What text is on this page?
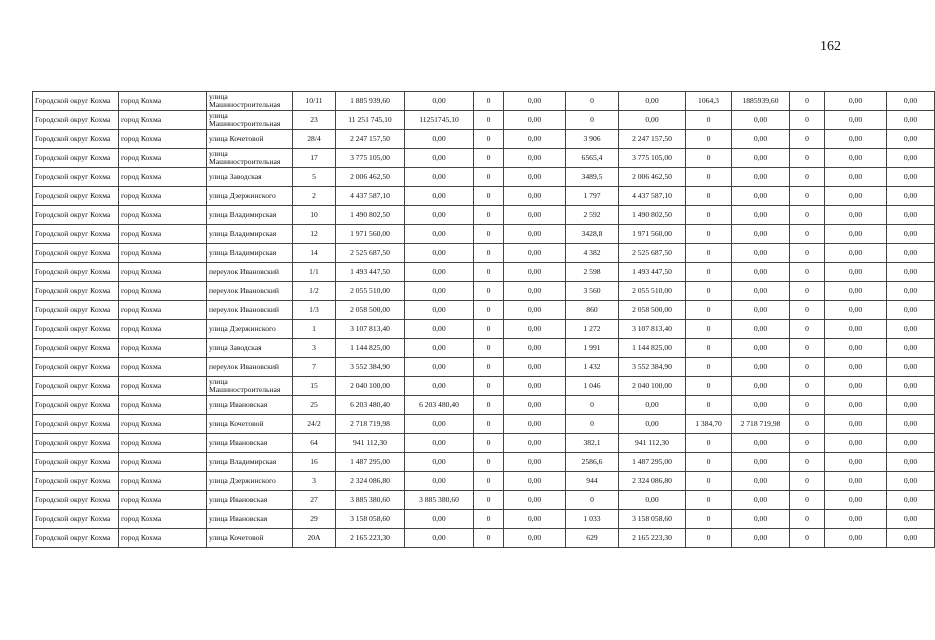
162
Городской округ Кохма	город Кохма	улица Машиностроительная	10/11	1 885 939,60	0,00	0	0,00	0	0,00	1064,3	1885939,60	0	0,00	0,00
Городской округ Кохма	город Кохма	улица Машиностроительная	23	11 251 745,10	11251745,10	0	0,00	0	0,00	0	0,00	0	0,00	0,00
Городской округ Кохма	город Кохма	улица Кочетовой	28/4	2 247 157,50	0,00	0	0,00	3 906	2 247 157,50	0	0,00	0	0,00	0,00
Городской округ Кохма	город Кохма	улица Машиностроительная	17	3 775 105,00	0,00	0	0,00	6565,4	3 775 105,00	0	0,00	0	0,00	0,00
Городской округ Кохма	город Кохма	улица Заводская	5	2 006 462,50	0,00	0	0,00	3489,5	2 006 462,50	0	0,00	0	0,00	0,00
Городской округ Кохма	город Кохма	улица Дзержинского	2	4 437 587,10	0,00	0	0,00	1 797	4 437 587,10	0	0,00	0	0,00	0,00
Городской округ Кохма	город Кохма	улица Владимирская	10	1 490 802,50	0,00	0	0,00	2 592	1 490 802,50	0	0,00	0	0,00	0,00
Городской округ Кохма	город Кохма	улица Владимирская	12	1 971 560,00	0,00	0	0,00	3428,8	1 971 560,00	0	0,00	0	0,00	0,00
Городской округ Кохма	город Кохма	улица Владимирская	14	2 525 687,50	0,00	0	0,00	4 382	2 525 687,50	0	0,00	0	0,00	0,00
Городской округ Кохма	город Кохма	переулок Ивановский	1/1	1 493 447,50	0,00	0	0,00	2 598	1 493 447,50	0	0,00	0	0,00	0,00
Городской округ Кохма	город Кохма	переулок Ивановский	1/2	2 055 510,00	0,00	0	0,00	3 560	2 055 510,00	0	0,00	0	0,00	0,00
Городской округ Кохма	город Кохма	переулок Ивановский	1/3	2 058 500,00	0,00	0	0,00	860	2 058 500,00	0	0,00	0	0,00	0,00
Городской округ Кохма	город Кохма	улица Дзержинского	1	3 107 813,40	0,00	0	0,00	1 272	3 107 813,40	0	0,00	0	0,00	0,00
Городской округ Кохма	город Кохма	улица Заводская	3	1 144 825,00	0,00	0	0,00	1 991	1 144 825,00	0	0,00	0	0,00	0,00
Городской округ Кохма	город Кохма	переулок Ивановский	7	3 552 384,90	0,00	0	0,00	1 432	3 552 384,90	0	0,00	0	0,00	0,00
Городской округ Кохма	город Кохма	улица Машиностроительная	15	2 040 100,00	0,00	0	0,00	1 046	2 040 100,00	0	0,00	0	0,00	0,00
Городской округ Кохма	город Кохма	улица Ивановская	25	6 203 480,40	6 203 480,40	0	0,00	0	0,00	0	0,00	0	0,00	0,00
Городской округ Кохма	город Кохма	улица Кочетовой	24/2	2 718 719,98	0,00	0	0,00	0	0,00	1 384,70	2 718 719,98	0	0,00	0,00
Городской округ Кохма	город Кохма	улица Ивановская	64	941 112,30	0,00	0	0,00	382,1	941 112,30	0	0,00	0	0,00	0,00
Городской округ Кохма	город Кохма	улица Владимирская	16	1 487 295,00	0,00	0	0,00	2586,6	1 487 295,00	0	0,00	0	0,00	0,00
Городской округ Кохма	город Кохма	улица Дзержинского	3	2 324 086,80	0,00	0	0,00	944	2 324 086,80	0	0,00	0	0,00	0,00
Городской округ Кохма	город Кохма	улица Ивановская	27	3 885 380,60	3 885 380,60	0	0,00	0	0,00	0	0,00	0	0,00	0,00
Городской округ Кохма	город Кохма	улица Ивановская	29	3 158 058,60	0,00	0	0,00	1 033	3 158 058,60	0	0,00	0	0,00	0,00
Городской округ Кохма	город Кохма	улица Кочетовой	20А	2 165 223,30	0,00	0	0,00	629	2 165 223,30	0	0,00	0	0,00	0,00
